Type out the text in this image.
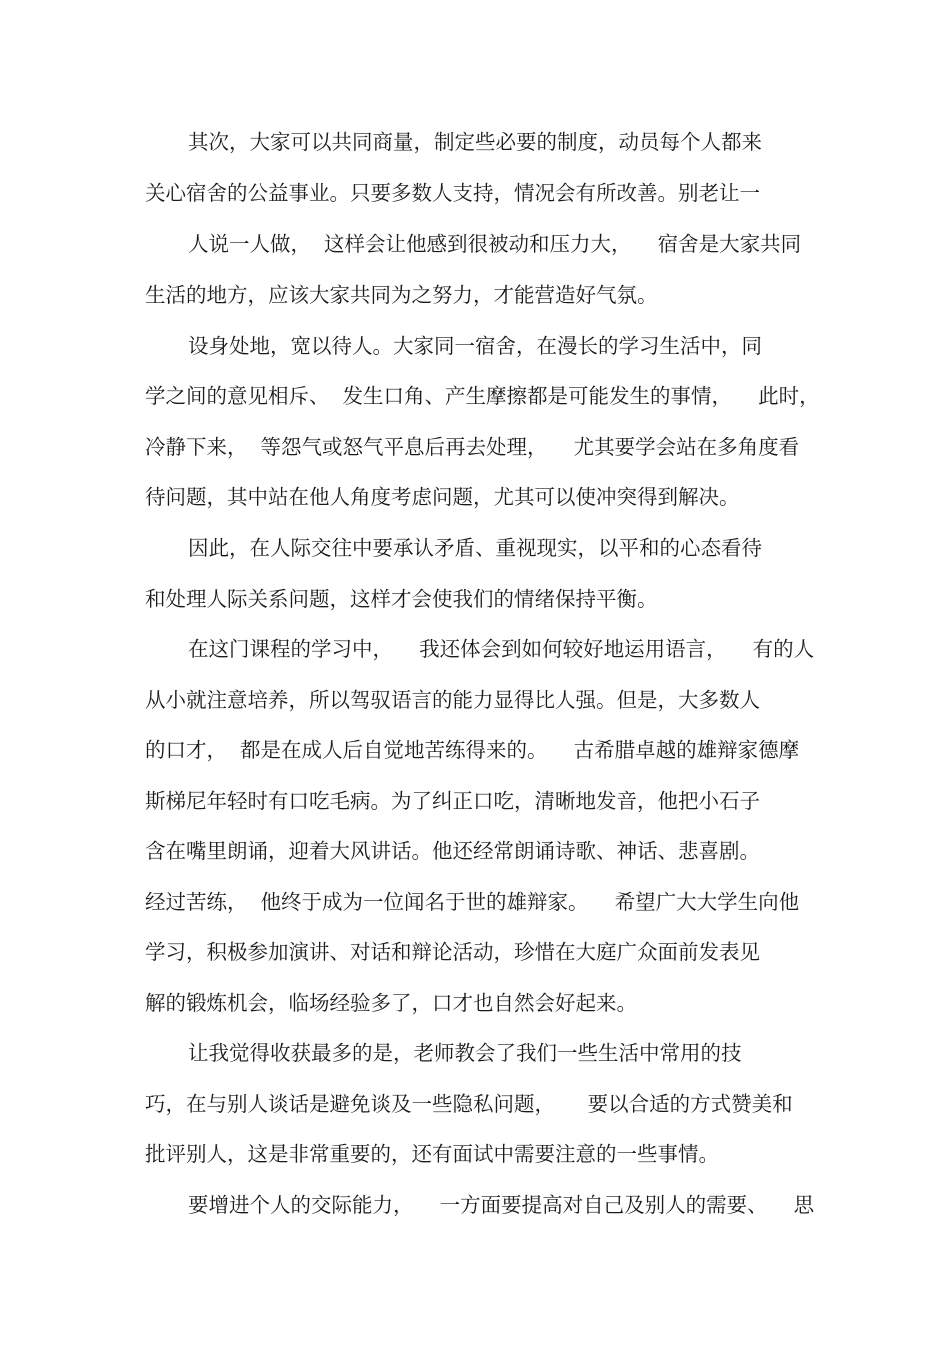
其次，大家可以共同商量，制定些必要的制度，动员每个人都来

关心宿舍的公益事业。只要多数人支持，情况会有所改善。别老让一

人说一人做，  这样会让他感到很被动和压力大，    宿舍是大家共同

生活的地方，应该大家共同为之努力，才能营造好气氛。

设身处地，宽以待人。大家同一宿舍，在漫长的学习生活中，同

学之间的意见相斥、  发生口角、产生摩擦都是可能发生的事情，    此时，

冷静下来，  等怨气或怒气平息后再去处理，    尤其要学会站在多角度看

待问题，其中站在他人角度考虑问题，尤其可以使冲突得到解决。

因此，在人际交往中要承认矛盾、重视现实，以平和的心态看待

和处理人际关系问题，这样才会使我们的情绪保持平衡。

在这门课程的学习中，    我还体会到如何较好地运用语言，    有的人

从小就注意培养，所以驾驭语言的能力显得比人强。但是，大多数人

的口才，  都是在成人后自觉地苦练得来的。    古希腊卓越的雄辩家德摩

斯梯尼年轻时有口吃毛病。为了纠正口吃，清晰地发音，他把小石子

含在嘴里朗诵，迎着大风讲话。他还经常朗诵诗歌、神话、悲喜剧。

经过苦练，  他终于成为一位闻名于世的雄辩家。    希望广大大学生向他

学习，积极参加演讲、对话和辩论活动，珍惜在大庭广众面前发表见

解的锻炼机会，临场经验多了，口才也自然会好起来。

让我觉得收获最多的是，老师教会了我们一些生活中常用的技

巧，在与别人谈话是避免谈及一些隐私问题，     要以合适的方式赞美和

批评别人，这是非常重要的，还有面试中需要注意的一些事情。

要增进个人的交际能力，    一方面要提高对自己及别人的需要、    思
